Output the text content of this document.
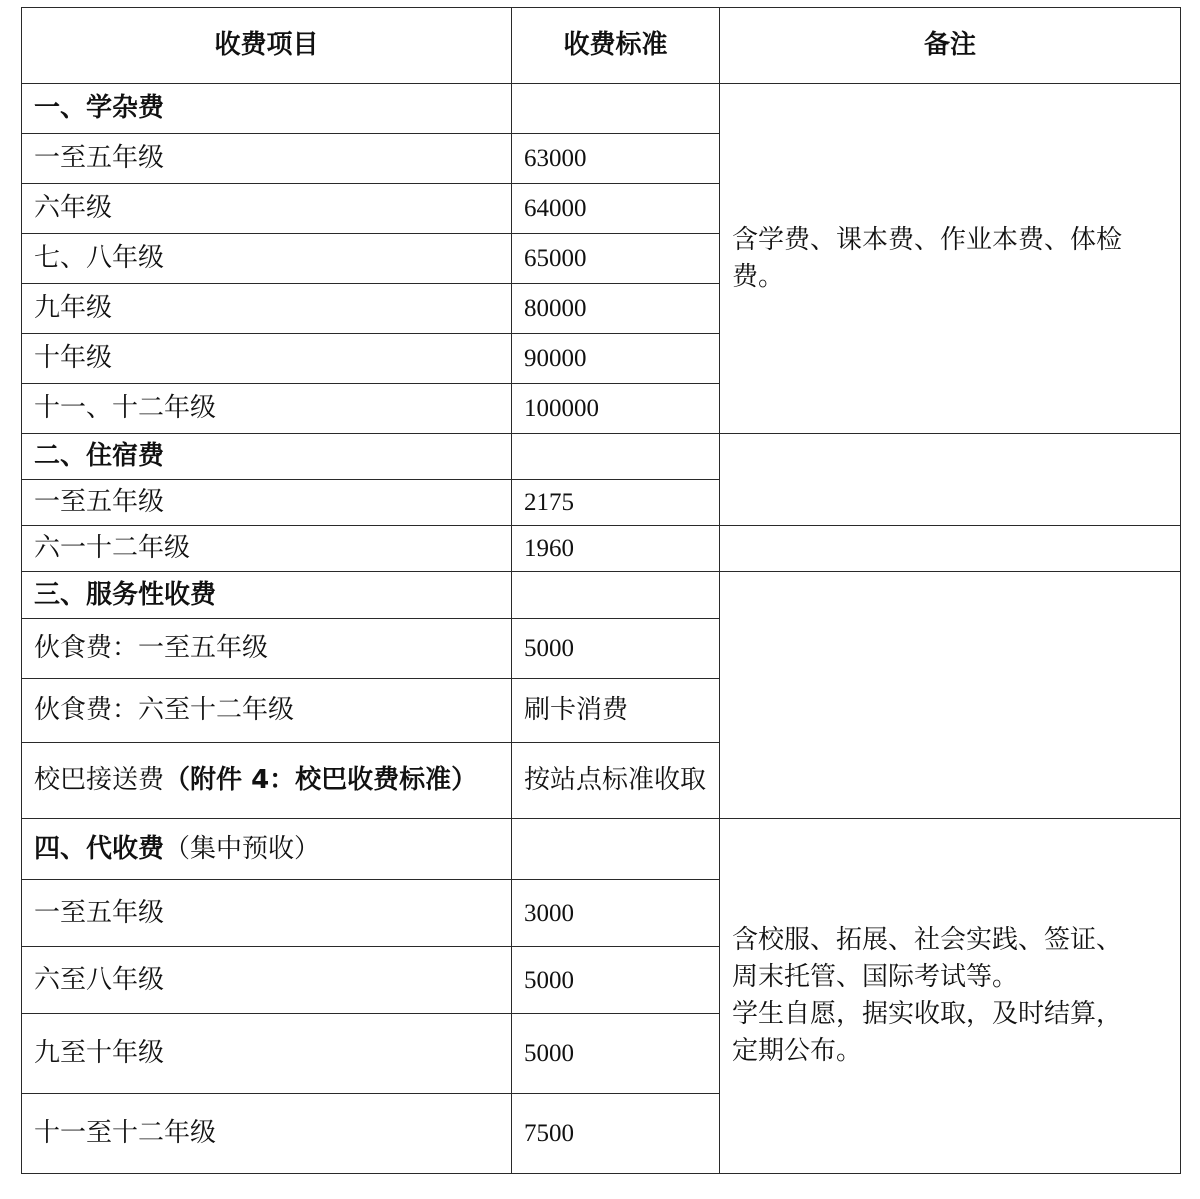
收费项目	收费标准	备注
一、学杂费		含学费、课本费、作业本费、体检
费。

一至五年级	63000	
六年级	64000	
七、八年级	65000	
九年级	80000	
十年级	90000	
十一、十二年级	100000	
二、住宿费		
一至五年级	2175	
六一十二年级	1960	
三、服务性收费		
伙食费：一至五年级	5000	
伙食费：六至十二年级	刷卡消费	
校巴接送费（附件 4：校巴收费标准）	按站点标准收取	
四、代收费（集中预收）		含校服、拓展、社会实践、签证、
周末托管、国际考试等。
学生自愿，据实收取，及时结算，
定期公布。

一至五年级	3000	
六至八年级	5000	
九至十年级	5000	
十一至十二年级	7500	
